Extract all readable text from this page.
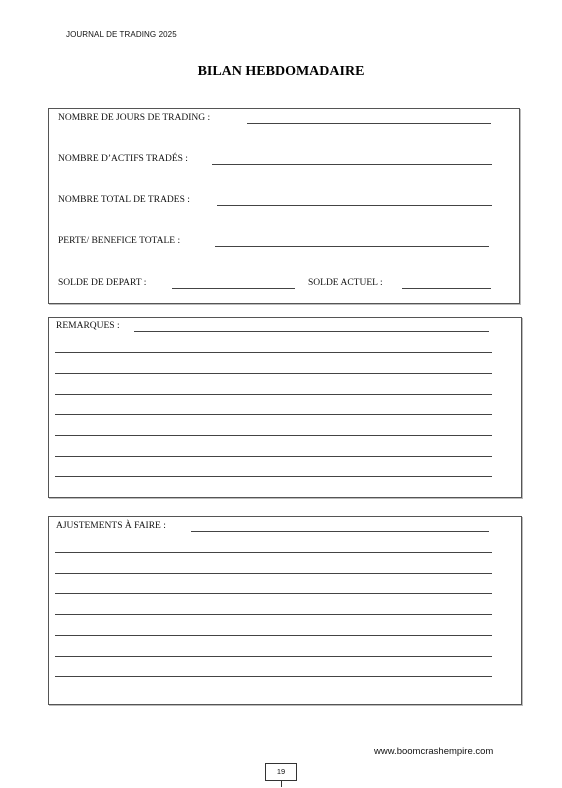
JOURNAL DE TRADING 2025
BILAN HEBDOMADAIRE
NOMBRE DE JOURS DE TRADING :
NOMBRE D’ACTIFS TRADÉS :
NOMBRE TOTAL DE TRADES :
PERTE/ BENEFICE TOTALE :
SOLDE DE DEPART :	SOLDE ACTUEL :
REMARQUES :
AJUSTEMENTS À FAIRE :
www.boomcrashempire.com
19
